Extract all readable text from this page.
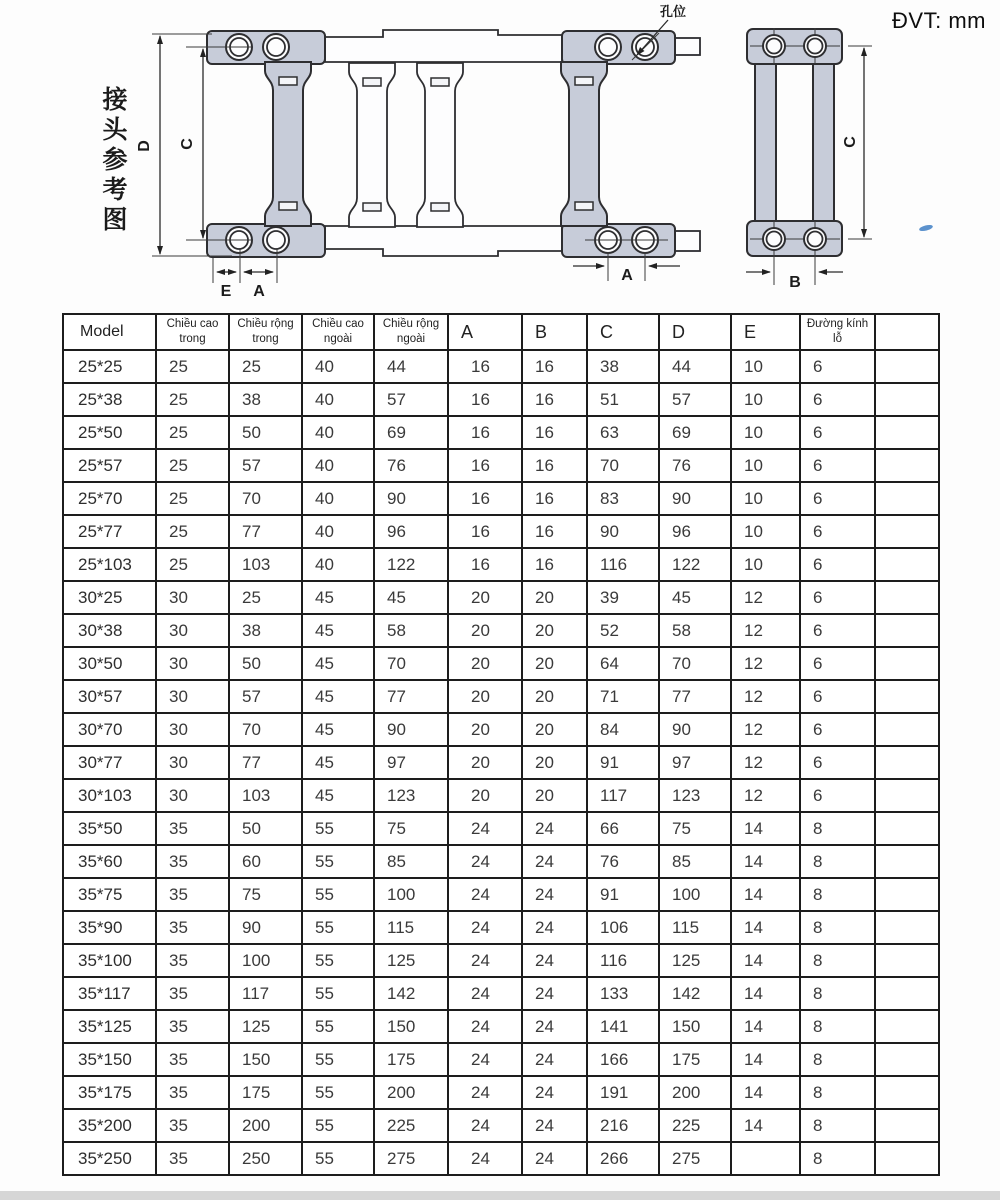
接头参考图
ĐVT: mm
孔位
D C
E A
A
C
B
Model	Chiều cao trong	Chiều rộng trong	Chiều cao ngoài	Chiều rộng ngoài	A	B	C	D	E	Đường kính lỗ	
25*25	25	25	40	44	16	16	38	44	10	6	
25*38	25	38	40	57	16	16	51	57	10	6	
25*50	25	50	40	69	16	16	63	69	10	6	
25*57	25	57	40	76	16	16	70	76	10	6	
25*70	25	70	40	90	16	16	83	90	10	6	
25*77	25	77	40	96	16	16	90	96	10	6	
25*103	25	103	40	122	16	16	116	122	10	6	
30*25	30	25	45	45	20	20	39	45	12	6	
30*38	30	38	45	58	20	20	52	58	12	6	
30*50	30	50	45	70	20	20	64	70	12	6	
30*57	30	57	45	77	20	20	71	77	12	6	
30*70	30	70	45	90	20	20	84	90	12	6	
30*77	30	77	45	97	20	20	91	97	12	6	
30*103	30	103	45	123	20	20	117	123	12	6	
35*50	35	50	55	75	24	24	66	75	14	8	
35*60	35	60	55	85	24	24	76	85	14	8	
35*75	35	75	55	100	24	24	91	100	14	8	
35*90	35	90	55	115	24	24	106	115	14	8	
35*100	35	100	55	125	24	24	116	125	14	8	
35*117	35	117	55	142	24	24	133	142	14	8	
35*125	35	125	55	150	24	24	141	150	14	8	
35*150	35	150	55	175	24	24	166	175	14	8	
35*175	35	175	55	200	24	24	191	200	14	8	
35*200	35	200	55	225	24	24	216	225	14	8	
35*250	35	250	55	275	24	24	266	275		8	
